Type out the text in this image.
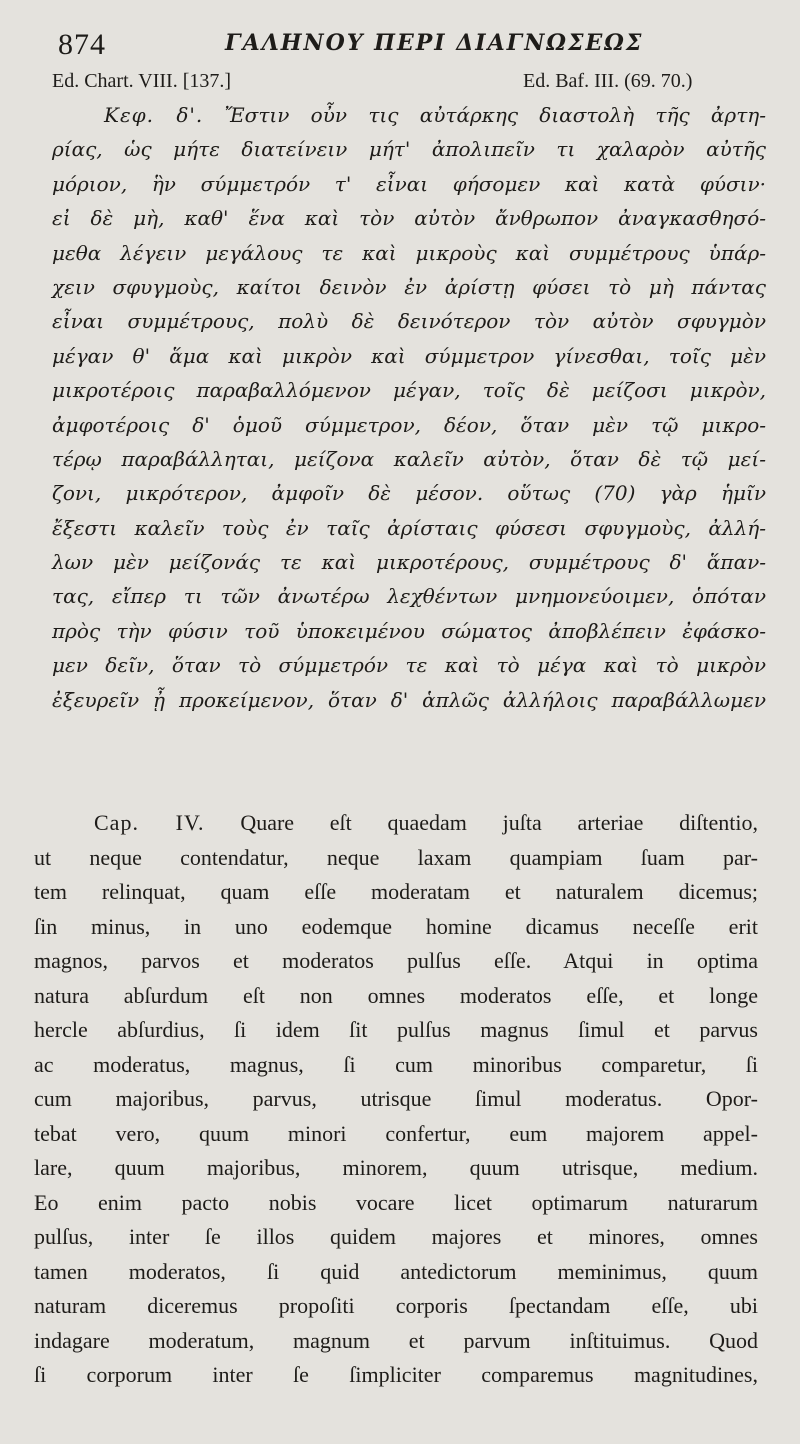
874	ΓΑΛΗΝΟΥ ΠΕΡΙ ΔΙΑΓΝΩΣΕΩΣ
Ed. Chart. VIII. [137.]	Ed. Baf. III. (69. 70.)
Κεφ. δ'. Ἔστιν οὖν τις αὐτάρκης διαστολὴ τῆς ἀρτη-
ρίας, ὡς μήτε διατείνειν μήτ' ἀπολιπεῖν τι χαλαρὸν αὐτῆς
μόριον, ἣν σύμμετρόν τ' εἶναι φήσομεν καὶ κατὰ φύσιν·
εἰ δὲ μὴ, καθ' ἕνα καὶ τὸν αὐτὸν ἄνθρωπον ἀναγκασθησό-
μεθα λέγειν μεγάλους τε καὶ μικροὺς καὶ συμμέτρους ὑπάρ-
χειν σφυγμοὺς, καίτοι δεινὸν ἐν ἀρίστῃ φύσει τὸ μὴ πάντας
εἶναι συμμέτρους, πολὺ δὲ δεινότερον τὸν αὐτὸν σφυγμὸν
μέγαν θ' ἅμα καὶ μικρὸν καὶ σύμμετρον γίνεσθαι, τοῖς μὲν
μικροτέροις παραβαλλόμενον μέγαν, τοῖς δὲ μείζοσι μικρὸν,
ἀμφοτέροις δ' ὁμοῦ σύμμετρον, δέον, ὅταν μὲν τῷ μικρο-
τέρῳ παραβάλληται, μείζονα καλεῖν αὐτὸν, ὅταν δὲ τῷ μεί-
ζονι, μικρότερον, ἀμφοῖν δὲ μέσον. οὕτως (70) γὰρ ἡμῖν
ἔξεστι καλεῖν τοὺς ἐν ταῖς ἀρίσταις φύσεσι σφυγμοὺς, ἀλλή-
λων μὲν μείζονάς τε καὶ μικροτέρους, συμμέτρους δ' ἅπαν-
τας, εἴπερ τι τῶν ἀνωτέρω λεχθέντων μνημονεύοιμεν, ὁπόταν
πρὸς τὴν φύσιν τοῦ ὑποκειμένου σώματος ἀποβλέπειν ἐφάσκο-
μεν δεῖν, ὅταν τὸ σύμμετρόν τε καὶ τὸ μέγα καὶ τὸ μικρὸν
ἐξευρεῖν ᾖ προκείμενον, ὅταν δ' ἁπλῶς ἀλλήλοις παραβάλλωμεν
Cap. IV. Quare eſt quaedam juſta arteriae diſtentio,
ut neque contendatur, neque laxam quampiam ſuam par-
tem relinquat, quam eſſe moderatam et naturalem dicemus;
ſin minus, in uno eodemque homine dicamus neceſſe erit
magnos, parvos et moderatos pulſus eſſe. Atqui in optima
natura abſurdum eſt non omnes moderatos eſſe, et longe
hercle abſurdius, ſi idem ſit pulſus magnus ſimul et parvus
ac moderatus, magnus, ſi cum minoribus comparetur, ſi
cum majoribus, parvus, utrisque ſimul moderatus. Opor-
tebat vero, quum minori confertur, eum majorem appel-
lare, quum majoribus, minorem, quum utrisque, medium.
Eo enim pacto nobis vocare licet optimarum naturarum
pulſus, inter ſe illos quidem majores et minores, omnes
tamen moderatos, ſi quid antedictorum meminimus, quum
naturam diceremus propoſiti corporis ſpectandam eſſe, ubi
indagare moderatum, magnum et parvum inſtituimus. Quod
ſi corporum inter ſe ſimpliciter comparemus magnitudines,
